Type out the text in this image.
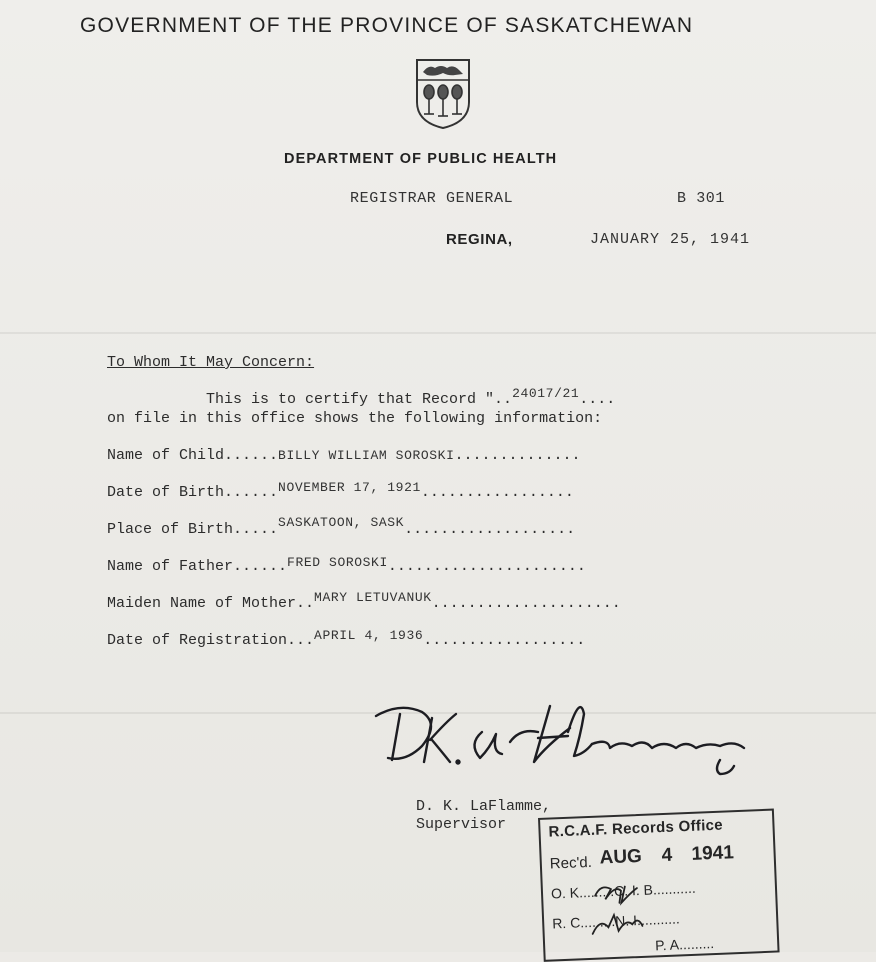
GOVERNMENT OF THE PROVINCE OF SASKATCHEWAN
DEPARTMENT OF PUBLIC HEALTH
REGISTRAR GENERAL	B 301
REGINA,	JANUARY 25, 1941
To Whom It May Concern:
This is to certify that Record "..24017/21....
on file in this office shows the following information:
Name of Child......BILLY WILLIAM SOROSKI..............
Date of Birth......NOVEMBER 17, 1921.................
Place of Birth.....SASKATOON, SASK...................
Name of Father......FRED SOROSKI......................
Maiden Name of Mother..MARY LETUVANUK.....................
Date of Registration...APRIL 4, 1936..................
D. K. LaFlamme,
Supervisor	R.C.A.F. Records Office
Rec'd. AUG 4 1941
O. K.........C. I. B...........
R. C.........N. I...........
P. A.........
